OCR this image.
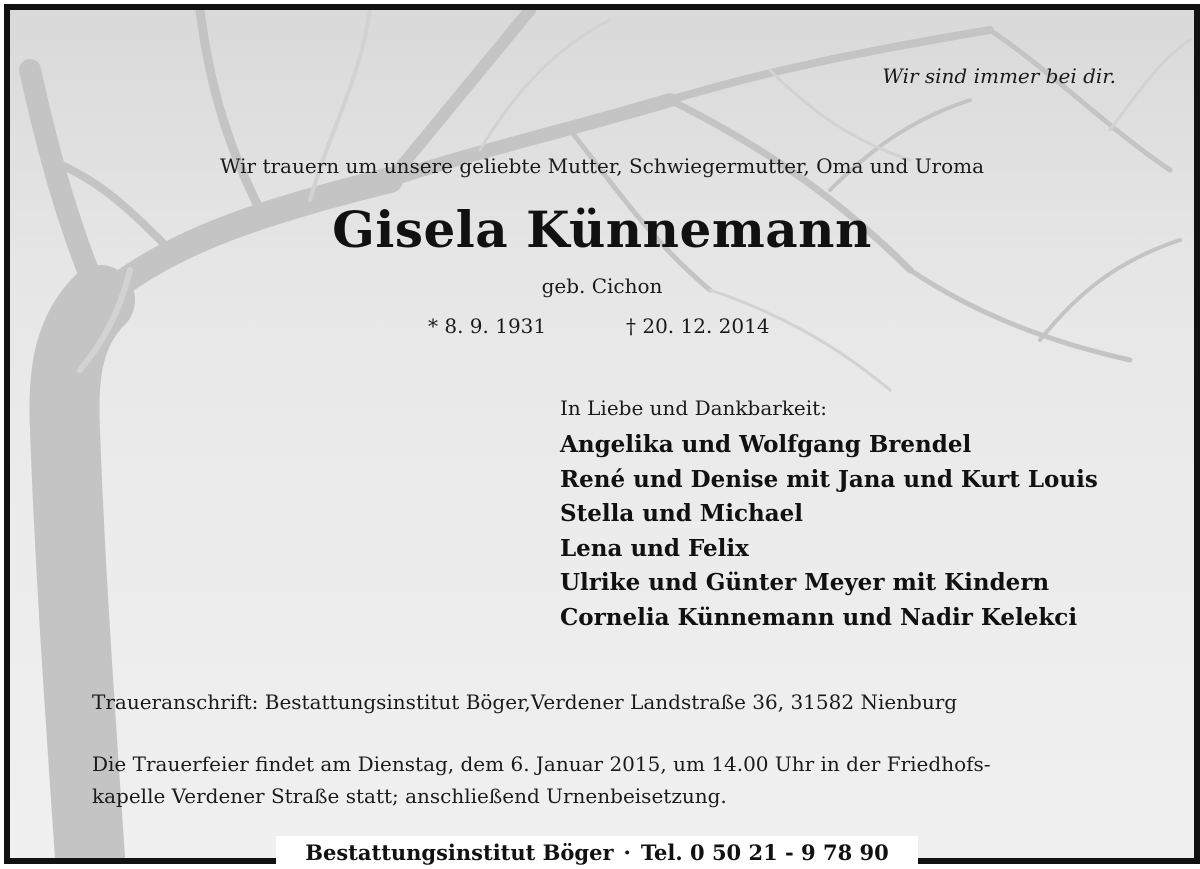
Wir sind immer bei dir.
Wir trauern um unsere geliebte Mutter, Schwiegermutter, Oma und Uroma
Gisela Künnemann
geb. Cichon
* 8. 9. 1931	† 20. 12. 2014
In Liebe und Dankbarkeit:
Angelika und Wolfgang Brendel
René und Denise mit Jana und Kurt Louis
Stella und Michael
Lena und Felix
Ulrike und Günter Meyer mit Kindern
Cornelia Künnemann und Nadir Kelekci
Traueranschrift: Bestattungsinstitut Böger,Verdener Landstraße 36, 31582 Nienburg
Die Trauerfeier findet am Dienstag, dem 6. Januar 2015, um 14.00 Uhr in der Friedhofs-
kapelle Verdener Straße statt; anschließend Urnenbeisetzung.
Bestattungsinstitut Böger · Tel. 0 50 21 - 9 78 90
